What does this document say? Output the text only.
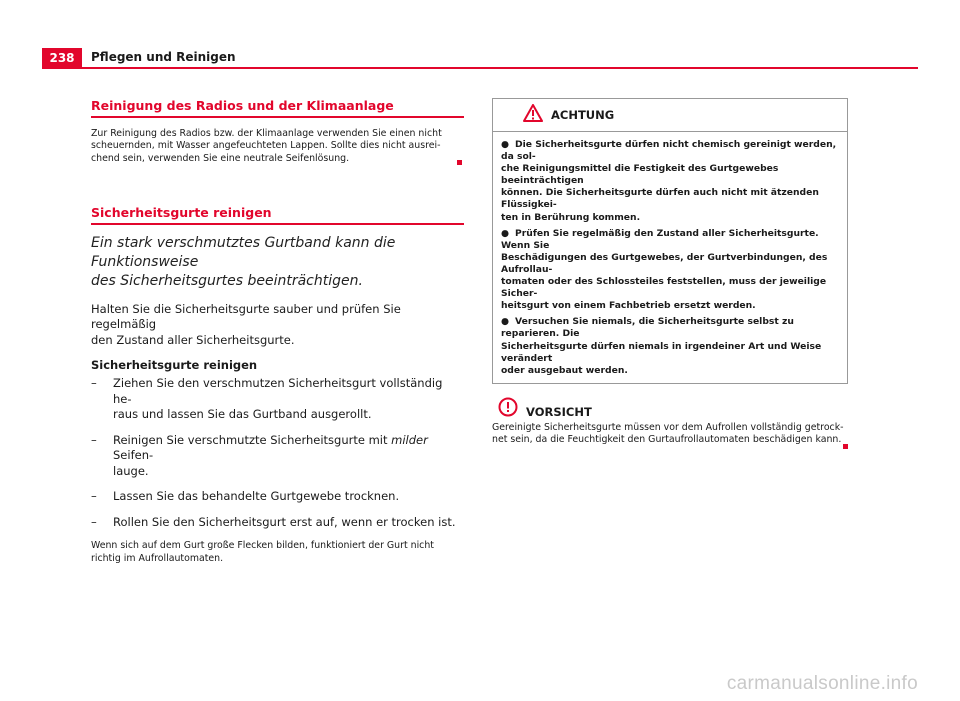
238	Pflegen und Reinigen
Reinigung des Radios und der Klimaanlage

Zur Reinigung des Radios bzw. der Klimaanlage verwenden Sie einen nicht
scheuernden, mit Wasser angefeuchteten Lappen. Sollte dies nicht ausrei-
chend sein, verwenden Sie eine neutrale Seifenlösung.

Sicherheitsgurte reinigen

Ein stark verschmutztes Gurtband kann die Funktionsweise
des Sicherheitsgurtes beeinträchtigen.

Halten Sie die Sicherheitsgurte sauber und prüfen Sie regelmäßig
den Zustand aller Sicherheitsgurte.

Sicherheitsgurte reinigen

– Ziehen Sie den verschmutzen Sicherheitsgurt vollständig he-
raus und lassen Sie das Gurtband ausgerollt.
– Reinigen Sie verschmutzte Sicherheitsgurte mit milder Seifen-
lauge.
– Lassen Sie das behandelte Gurtgewebe trocknen.
– Rollen Sie den Sicherheitsgurt erst auf, wenn er trocken ist.

Wenn sich auf dem Gurt große Flecken bilden, funktioniert der Gurt nicht
richtig im Aufrollautomaten.

ACHTUNG

● Die Sicherheitsgurte dürfen nicht chemisch gereinigt werden, da sol-
che Reinigungsmittel die Festigkeit des Gurtgewebes beeinträchtigen
können. Die Sicherheitsgurte dürfen auch nicht mit ätzenden Flüssigkei-
ten in Berührung kommen.

● Prüfen Sie regelmäßig den Zustand aller Sicherheitsgurte. Wenn Sie
Beschädigungen des Gurtgewebes, der Gurtverbindungen, des Aufrollau-
tomaten oder des Schlossteiles feststellen, muss der jeweilige Sicher-
heitsgurt von einem Fachbetrieb ersetzt werden.

● Versuchen Sie niemals, die Sicherheitsgurte selbst zu reparieren. Die
Sicherheitsgurte dürfen niemals in irgendeiner Art und Weise verändert
oder ausgebaut werden.

VORSICHT

Gereinigte Sicherheitsgurte müssen vor dem Aufrollen vollständig getrock-
net sein, da die Feuchtigkeit den Gurtaufrollautomaten beschädigen kann.

carmanualsonline.info
